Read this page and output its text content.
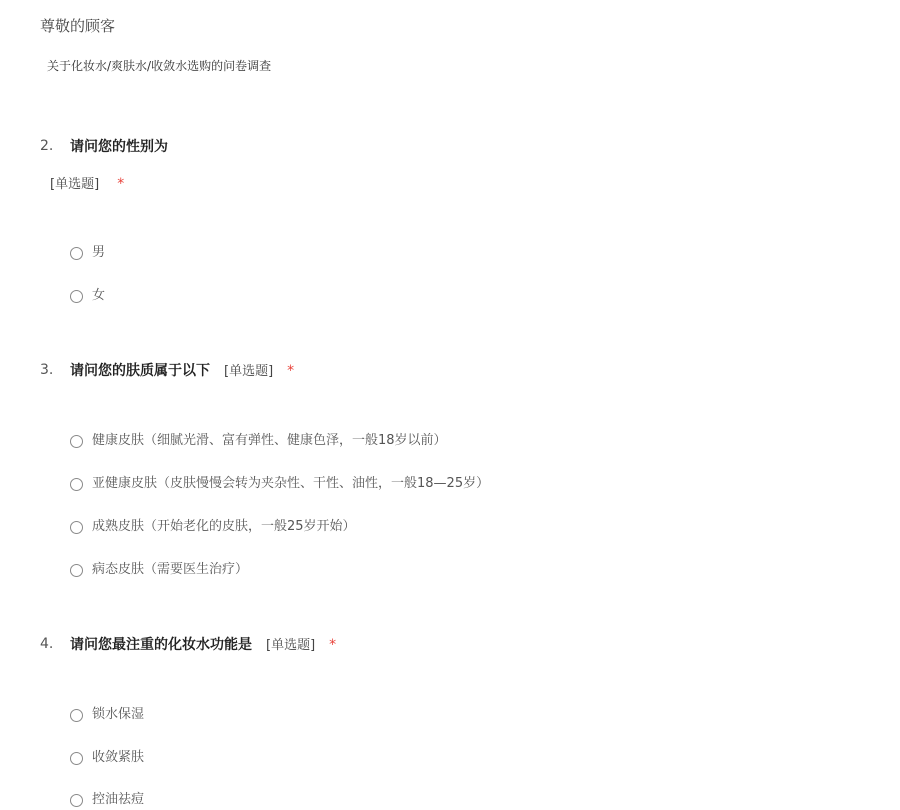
尊敬的顾客
关于化妆水/爽肤水/收敛水选购的问卷调查
2. 请问您的性别为
[单选题] *
男
女
3. 请问您的肤质属于以下 [单选题] *
健康皮肤（细腻光滑、富有弹性、健康色泽，一般18岁以前）
亚健康皮肤（皮肤慢慢会转为夹杂性、干性、油性，一般18—25岁）
成熟皮肤（开始老化的皮肤，一般25岁开始）
病态皮肤（需要医生治疗）
4. 请问您最注重的化妆水功能是 [单选题] *
锁水保湿
收敛紧肤
控油祛痘
